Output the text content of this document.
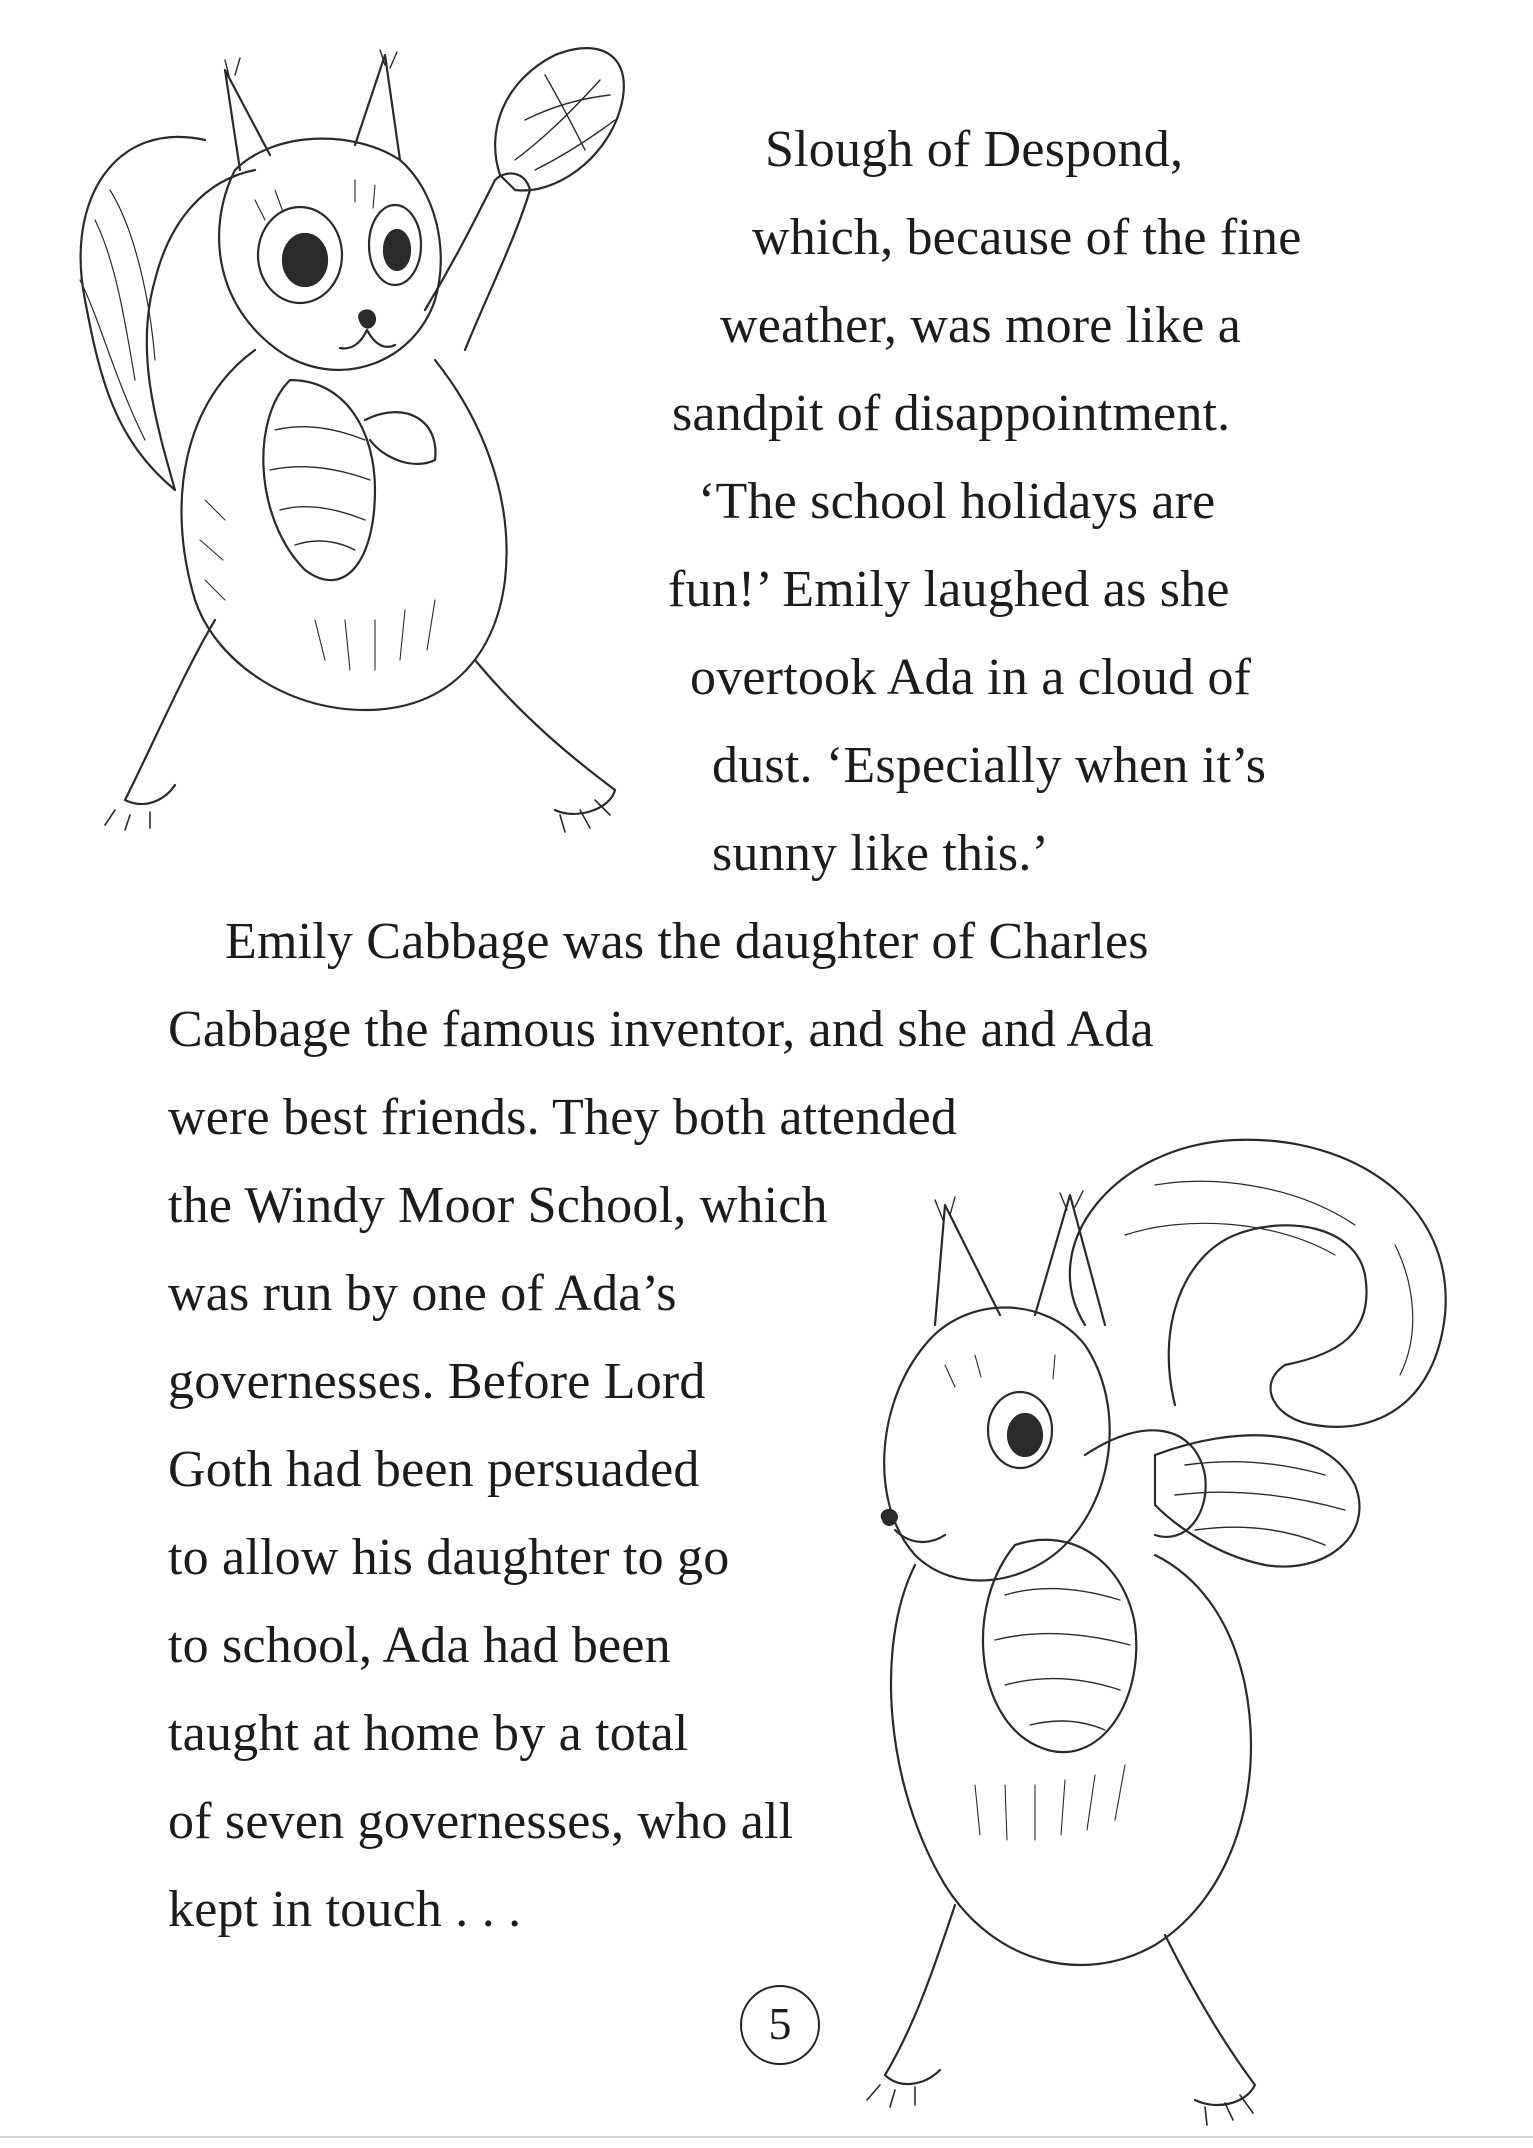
Slough of Despond,
which, because of the fine
weather, was more like a
sandpit of disappointment.
‘The school holidays are
fun!’ Emily laughed as she
overtook Ada in a cloud of
dust. ‘Especially when it’s
sunny like this.’
Emily Cabbage was the daughter of Charles
Cabbage the famous inventor, and she and Ada
were best friends. They both attended
the Windy Moor School, which
was run by one of Ada’s
governesses. Before Lord
Goth had been persuaded
to allow his daughter to go
to school, Ada had been
taught at home by a total
of seven governesses, who all
kept in touch . . .
5
